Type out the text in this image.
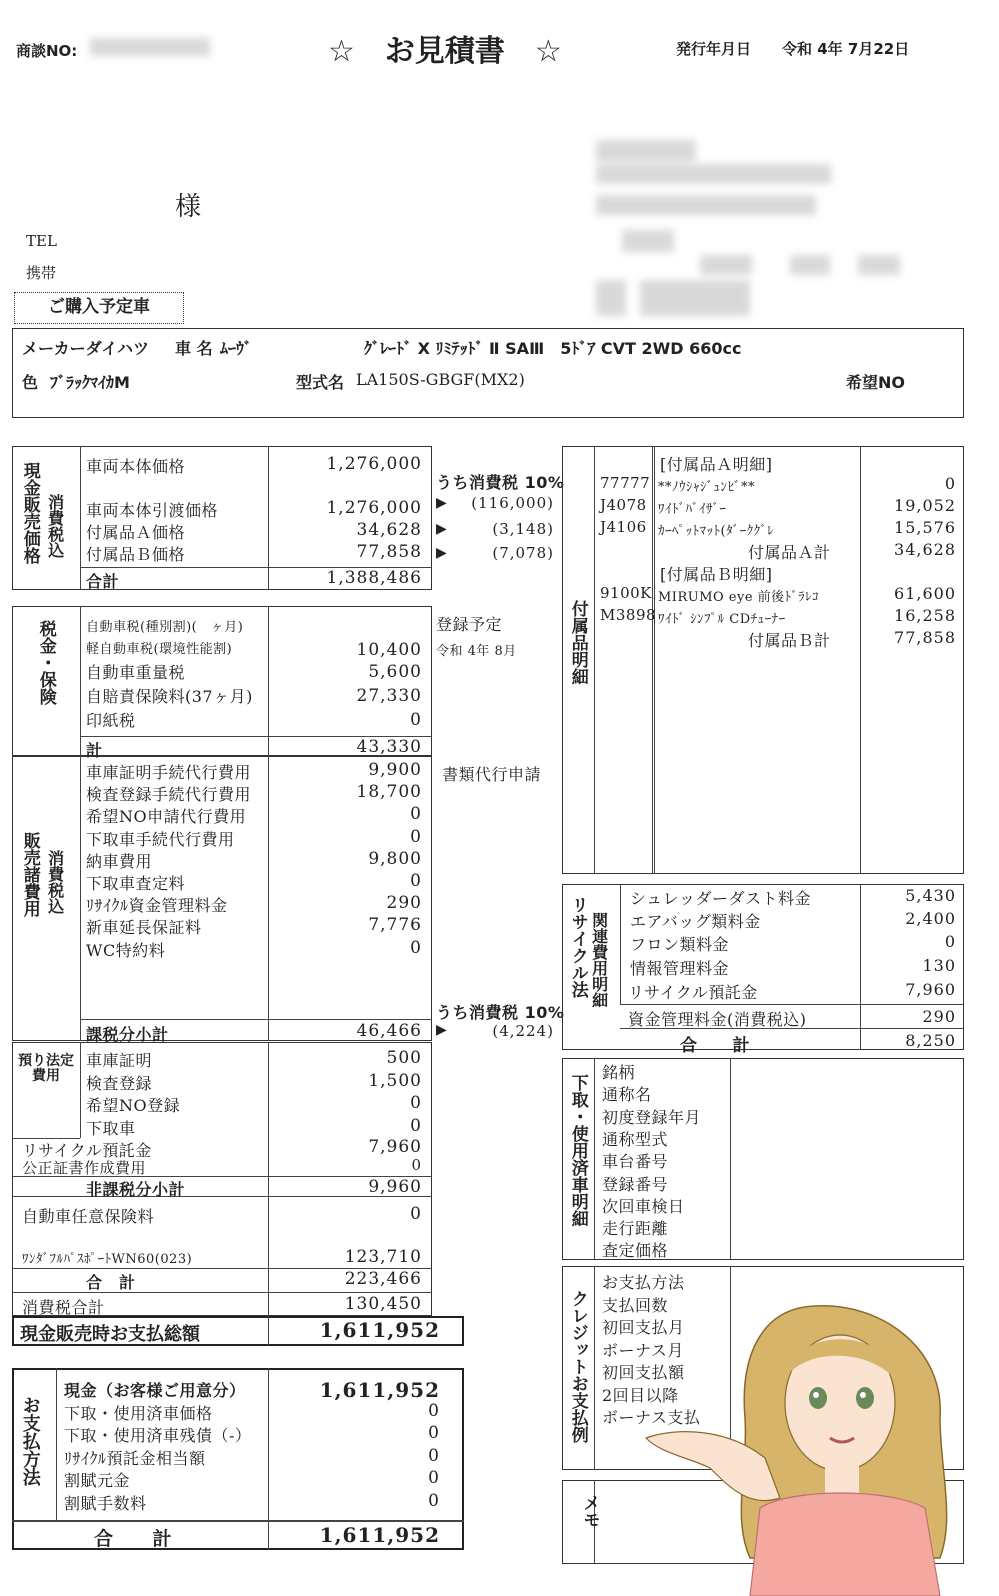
商談NO:	☆　お見積書　☆	発行年月日 令和 4年 7月22日
様
TEL
携帯
ご購入予定車
メーカーダイハツ 車 名 ﾑｰｳﾞ	ｸﾞﾚｰﾄﾞ X ﾘﾐﾃｯﾄﾞ Ⅱ SAⅢ　5ﾄﾞｱ CVT 2WD 660cc
色 ﾌﾞﾗｯｸﾏｲｶM	型式名 LA150S-GBGF(MX2)	希望NO
現金販売価格 消費税込
車両本体価格	1,276,000
車両本体引渡価格	1,276,000
付属品Ａ価格	34,628
付属品Ｂ価格	77,858
合計	1,388,486
うち消費税 10%
▶	(116,000)
▶	(3,148)
▶	(7,078)
税金・保険 自動車税(種別割)(　ヶ月)
軽自動車税(環境性能割)	10,400
自動車重量税	5,600
自賠責保険料(37ヶ月)	27,330
印紙税	0
計	43,330
登録予定
令和 4年 8月
販売諸費用 消費税込
車庫証明手続代行費用	9,900
検査登録手続代行費用	18,700
希望NO申請代行費用	0
下取車手続代行費用	0
納車費用	9,800
下取車査定料	0
ﾘｻｲｸﾙ資金管理料金	290
新車延長保証料	7,776
WC特約料	0
課税分小計	46,466
書類代行申請
うち消費税 10%
▶	(4,224)
預り法定費用
車庫証明	500
検査登録	1,500
希望NO登録	0
下取車	0
リサイクル預託金	7,960
公正証書作成費用	0
非課税分小計	9,960
自動車任意保険料	0
ﾜﾝﾀﾞﾌﾙﾊﾟｽﾎﾟｰﾄWN60(023)	123,710
合　計	223,466
消費税合計	130,450
現金販売時お支払総額	1,611,952
お支払方法
現金（お客様ご用意分）	1,611,952
下取・使用済車価格	0
下取・使用済車残債（-）	0
ﾘｻｲｸﾙ預託金相当額	0
割賦元金	0
割賦手数料	0
合　　計	1,611,952
付属品明細
[付属品Ａ明細]
77777 **ﾉｳｼｬｼﾞｭﾝﾋﾞ**	0
J4078 ﾜｲﾄﾞﾊﾞｲｻﾞｰ	19,052
J4106 ｶｰﾍﾟｯﾄﾏｯﾄ(ﾀﾞｰｸｸﾞﾚ	15,576
付属品Ａ計	34,628
[付属品Ｂ明細]
9100K MIRUMO eye 前後ﾄﾞﾗﾚｺ	61,600
M3898 ﾜｲﾄﾞ ｼﾝﾌﾟﾙ CDﾁｭｰﾅｰ	16,258
付属品Ｂ計	77,858
リサイクル法 関連費用明細
シュレッダーダスト料金	5,430
エアバッグ類料金	2,400
フロン類料金	0
情報管理料金	130
リサイクル預託金	7,960
資金管理料金(消費税込)	290
合　　計	8,250
下取・使用済車明細
銘柄
通称名
初度登録年月
通称型式
車台番号
登録番号
次回車検日
走行距離
査定価格
クレジットお支払例
お支払方法
支払回数
初回支払月
ボーナス月
初回支払額
2回目以降
ボーナス支払
メモ
